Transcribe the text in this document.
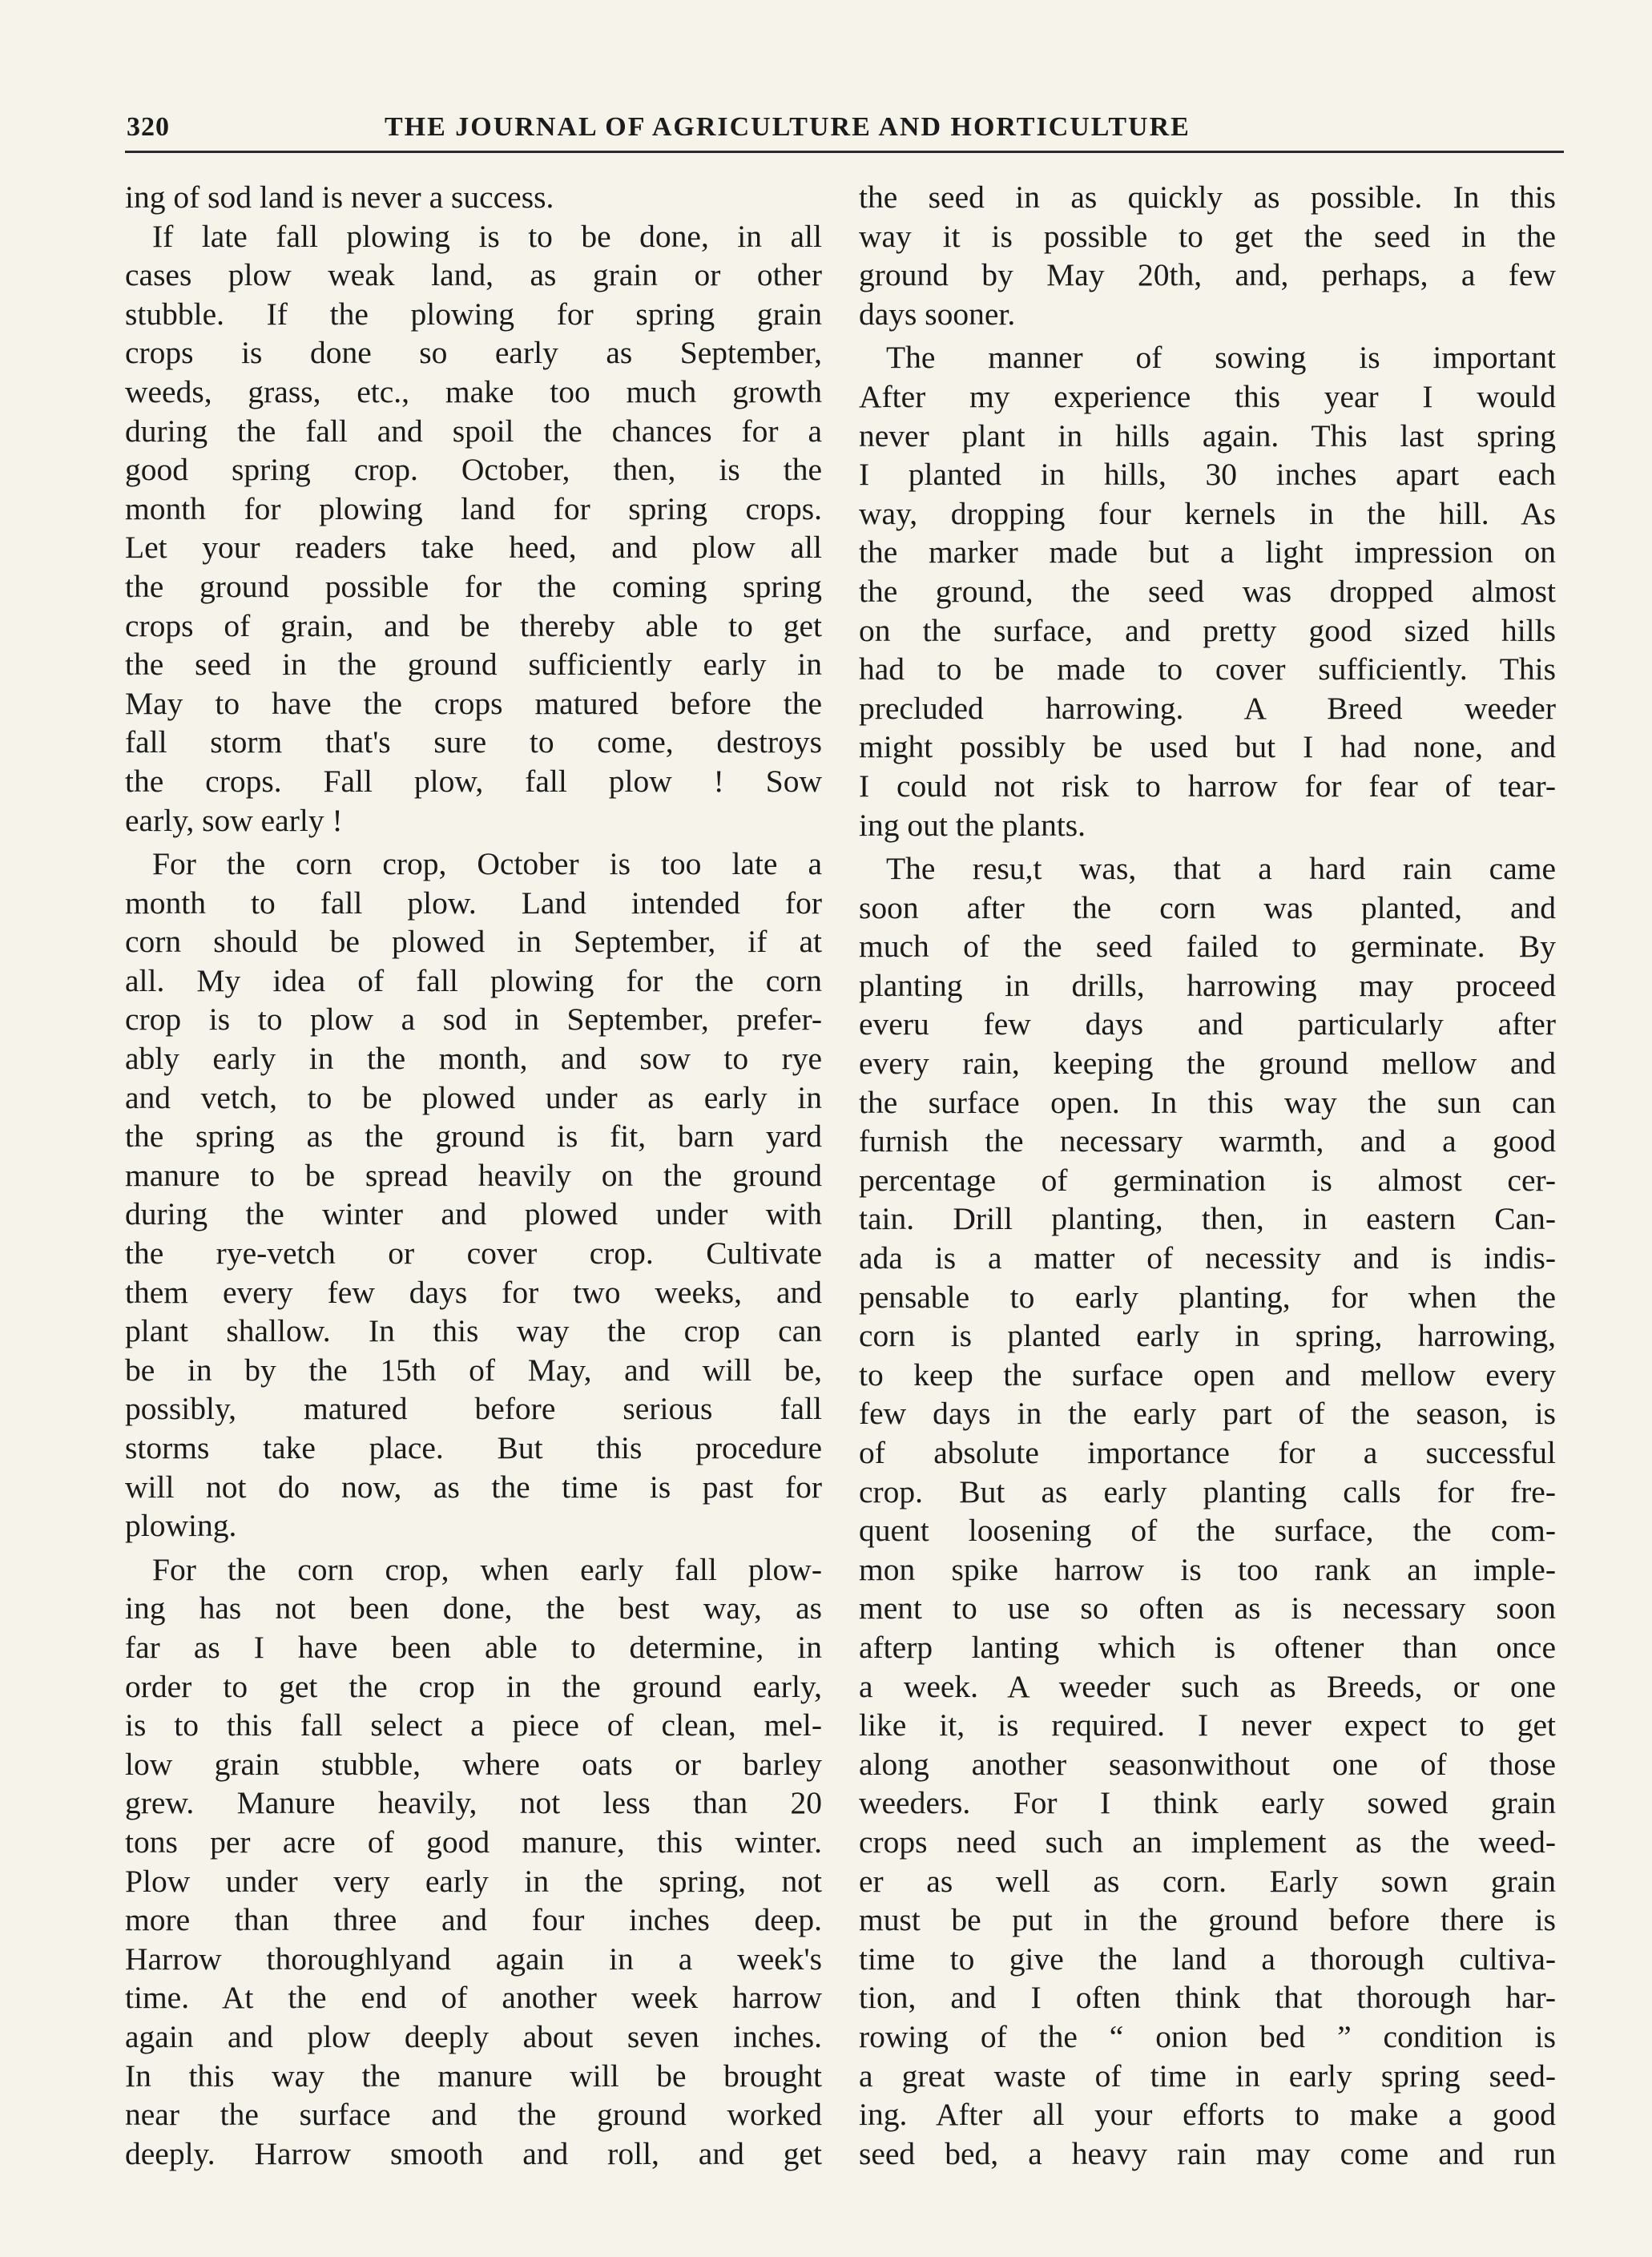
320	THE JOURNAL OF AGRICULTURE AND HORTICULTURE
ing of sod land is never a success.
If late fall plowing is to be done, in all
cases plow weak land, as grain or other
stubble. If the plowing for spring grain
crops is done so early as September,
weeds, grass, etc., make too much growth
during the fall and spoil the chances for a
good spring crop. October, then, is the
month for plowing land for spring crops.
Let your readers take heed, and plow all
the ground possible for the coming spring
crops of grain, and be thereby able to get
the seed in the ground sufficiently early in
May to have the crops matured before the
fall storm that's sure to come, destroys
the crops. Fall plow, fall plow ! Sow
early, sow early !
For the corn crop, October is too late a
month to fall plow. Land intended for
corn should be plowed in September, if at
all. My idea of fall plowing for the corn
crop is to plow a sod in September, prefer-
ably early in the month, and sow to rye
and vetch, to be plowed under as early in
the spring as the ground is fit, barn yard
manure to be spread heavily on the ground
during the winter and plowed under with
the rye-vetch or cover crop. Cultivate
them every few days for two weeks, and
plant shallow. In this way the crop can
be in by the 15th of May, and will be,
possibly, matured before serious fall
storms take place. But this procedure
will not do now, as the time is past for
plowing.
For the corn crop, when early fall plow-
ing has not been done, the best way, as
far as I have been able to determine, in
order to get the crop in the ground early,
is to this fall select a piece of clean, mel-
low grain stubble, where oats or barley
grew. Manure heavily, not less than 20
tons per acre of good manure, this winter.
Plow under very early in the spring, not
more than three and four inches deep.
Harrow thoroughlyand again in a week's
time. At the end of another week harrow
again and plow deeply about seven inches.
In this way the manure will be brought
near the surface and the ground worked
deeply. Harrow smooth and roll, and get
the seed in as quickly as possible. In this
way it is possible to get the seed in the
ground by May 20th, and, perhaps, a few
days sooner.
The manner of sowing is important
After my experience this year I would
never plant in hills again. This last spring
I planted in hills, 30 inches apart each
way, dropping four kernels in the hill. As
the marker made but a light impression on
the ground, the seed was dropped almost
on the surface, and pretty good sized hills
had to be made to cover sufficiently. This
precluded harrowing. A Breed weeder
might possibly be used but I had none, and
I could not risk to harrow for fear of tear-
ing out the plants.
The resu,t was, that a hard rain came
soon after the corn was planted, and
much of the seed failed to germinate. By
planting in drills, harrowing may proceed
everu few days and particularly after
every rain, keeping the ground mellow and
the surface open. In this way the sun can
furnish the necessary warmth, and a good
percentage of germination is almost cer-
tain. Drill planting, then, in eastern Can-
ada is a matter of necessity and is indis-
pensable to early planting, for when the
corn is planted early in spring, harrowing,
to keep the surface open and mellow every
few days in the early part of the season, is
of absolute importance for a successful
crop. But as early planting calls for fre-
quent loosening of the surface, the com-
mon spike harrow is too rank an imple-
ment to use so often as is necessary soon
afterp lanting which is oftener than once
a week. A weeder such as Breeds, or one
like it, is required. I never expect to get
along another seasonwithout one of those
weeders. For I think early sowed grain
crops need such an implement as the weed-
er as well as corn. Early sown grain
must be put in the ground before there is
time to give the land a thorough cultiva-
tion, and I often think that thorough har-
rowing of the “ onion bed ” condition is
a great waste of time in early spring seed-
ing. After all your efforts to make a good
seed bed, a heavy rain may come and run
